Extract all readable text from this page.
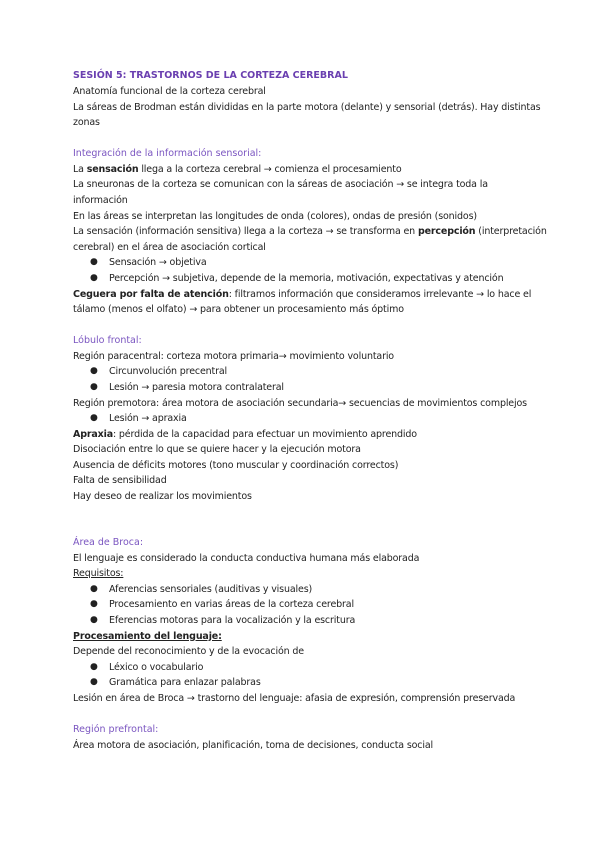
SESIÓN 5: TRASTORNOS DE LA CORTEZA CEREBRAL
Anatomía funcional de la corteza cerebral
La sáreas de Brodman están divididas en la parte motora (delante) y sensorial (detrás). Hay distintas zonas
Integración de la información sensorial:
La sensación llega a la corteza cerebral → comienza el procesamiento
La sneuronas de la corteza se comunican con la sáreas de asociación → se integra toda la
información
En las áreas se interpretan las longitudes de onda (colores), ondas de presión (sonidos)
La sensación (información sensitiva) llega a la corteza → se transforma en percepción (interpretación
cerebral) en el área de asociación cortical
● Sensación → objetiva
● Percepción → subjetiva, depende de la memoria, motivación, expectativas y atención
Ceguera por falta de atención: filtramos información que consideramos irrelevante → lo hace el
tálamo (menos el olfato) → para obtener un procesamiento más óptimo
Lóbulo frontal:
Región paracentral: corteza motora primaria→ movimiento voluntario
● Circunvolución precentral
● Lesión → paresia motora contralateral
Región premotora: área motora de asociación secundaria→ secuencias de movimientos complejos
● Lesión → apraxia
Apraxia: pérdida de la capacidad para efectuar un movimiento aprendido
Disociación entre lo que se quiere hacer y la ejecución motora
Ausencia de déficits motores (tono muscular y coordinación correctos)
Falta de sensibilidad
Hay deseo de realizar los movimientos
Área de Broca:
El lenguaje es considerado la conducta conductiva humana más elaborada
Requisitos:
● Aferencias sensoriales (auditivas y visuales)
● Procesamiento en varias áreas de la corteza cerebral
● Eferencias motoras para la vocalización y la escritura
Procesamiento del lenguaje:
Depende del reconocimiento y de la evocación de
● Léxico o vocabulario
● Gramática para enlazar palabras
Lesión en área de Broca → trastorno del lenguaje: afasia de expresión, comprensión preservada
Región prefrontal:
Área motora de asociación, planificación, toma de decisiones, conducta social
